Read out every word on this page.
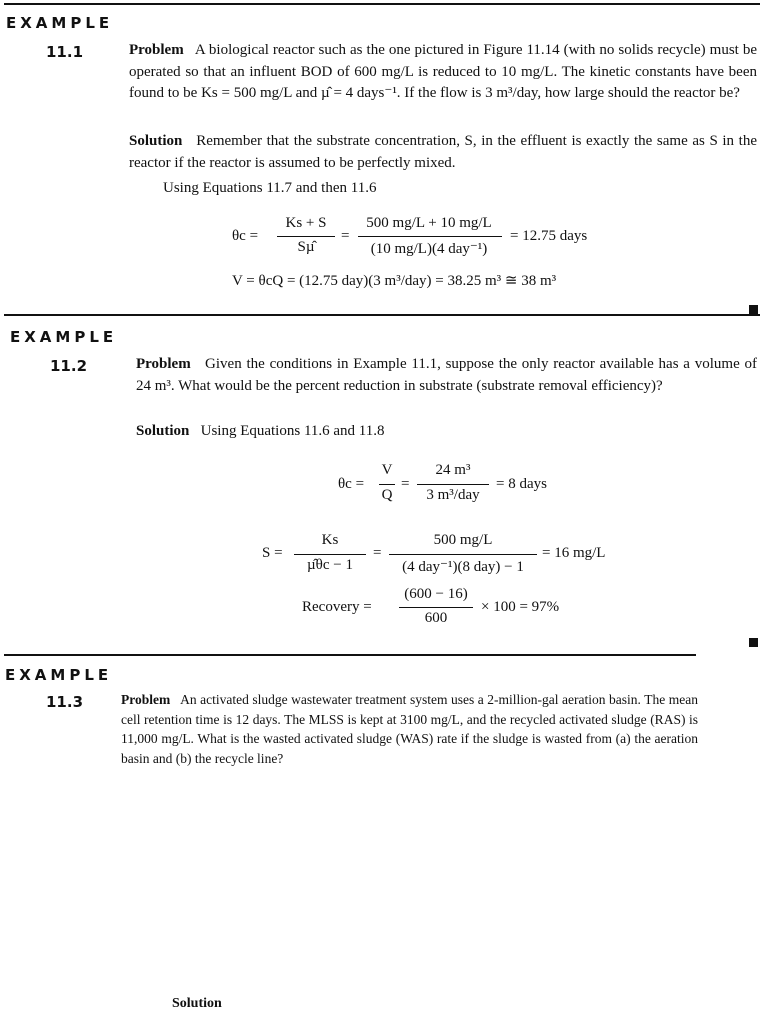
EXAMPLE
11.1	Problem A biological reactor such as the one pictured in Figure 11.14 (with no solids recycle) must be operated so that an influent BOD of 600 mg/L is reduced to 10 mg/L. The kinetic constants have been found to be Ks = 500 mg/L and µ̂ = 4 days⁻¹. If the flow is 3 m³/day, how large should the reactor be?
Solution Remember that the substrate concentration, S, in the effluent is exactly the same as S in the reactor if the reactor is assumed to be perfectly mixed.
Using Equations 11.7 and then 11.6
θc =
Ks + S
Sµ̂
=
500 mg/L + 10 mg/L
(10 mg/L)(4 day⁻¹)
= 12.75 days
V = θcQ = (12.75 day)(3 m³/day) = 38.25 m³ ≅ 38 m³
EXAMPLE
11.2	Problem Given the conditions in Example 11.1, suppose the only reactor available has a volume of 24 m³. What would be the percent reduction in substrate (substrate removal efficiency)?
Solution Using Equations 11.6 and 11.8
θc =
V
Q
=
24 m³
3 m³/day
= 8 days
S =
Ks
µ̂θc − 1
=
500 mg/L
(4 day⁻¹)(8 day) − 1
= 16 mg/L
Recovery =
(600 − 16)
600
× 100 = 97%
EXAMPLE
11.3	Problem An activated sludge wastewater treatment system uses a 2-million-gal aeration basin. The mean cell retention time is 12 days. The MLSS is kept at 3100 mg/L, and the recycled activated sludge (RAS) is 11,000 mg/L. What is the wasted activated sludge (WAS) rate if the sludge is wasted from (a) the aeration basin and (b) the recycle line?
Solution
